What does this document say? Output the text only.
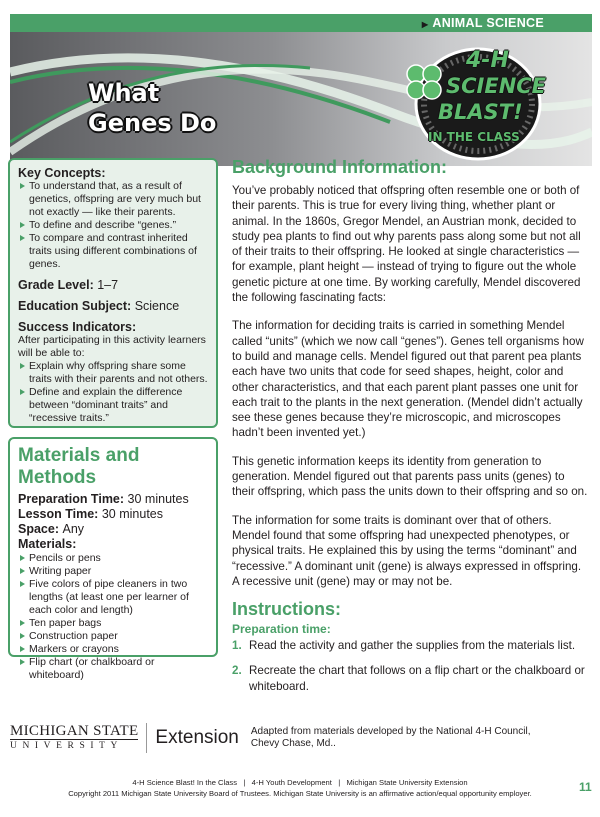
▶ ANIMAL SCIENCE
What
Genes Do
4-H
SCIENCE
BLAST!
IN THE CLASS
Key Concepts:
To understand that, as a result of genetics, offspring are very much but not exactly — like their parents.
To define and describe “genes.”
To compare and contrast inherited traits using different combinations of genes.
Grade Level: 1–7
Education Subject: Science
Success Indicators:
After participating in this activity learners will be able to:
Explain why offspring share some traits with their parents and not others.
Define and explain the difference between “dominant traits” and “recessive traits.”
Materials and Methods
Preparation Time: 30 minutes
Lesson Time: 30 minutes
Space: Any
Materials:
Pencils or pens
Writing paper
Five colors of pipe cleaners in two lengths (at least one per learner of each color and length)
Ten paper bags
Construction paper
Markers or crayons
Flip chart (or chalkboard or whiteboard)
Background Information:

You’ve probably noticed that offspring often resemble one or both of their parents. This is true for every living thing, whether plant or animal. In the 1860s, Gregor Mendel, an Austrian monk, decided to study pea plants to find out why parents pass along some but not all of their traits to their offspring. He looked at single characteristics — for example, plant height — instead of trying to figure out the whole genetic picture at one time. By working carefully, Mendel discovered the following fascinating facts:

The information for deciding traits is carried in something Mendel called “units” (which we now call “genes”). Genes tell organisms how to build and manage cells. Mendel figured out that parent pea plants each have two units that code for seed shapes, height, color and other characteristics, and that each parent plant passes one unit for each trait to the plants in the next generation. (Mendel didn’t actually see these genes because they’re microscopic, and microscopes hadn’t been invented yet.)

This genetic information keeps its identity from generation to generation. Mendel figured out that parents pass units (genes) to their offspring, which pass the units down to their offspring and so on.

The information for some traits is dominant over that of others. Mendel found that some offspring had unexpected phenotypes, or physical traits. He explained this by using the terms “dominant” and “recessive.” A dominant unit (gene) is always expressed in offspring. A recessive unit (gene) may or may not be.

Instructions:
Preparation time:
1. Read the activity and gather the supplies from the materials list.
2. Recreate the chart that follows on a flip chart or the chalkboard or whiteboard.
MICHIGAN STATE
UNIVERSITY	Extension Adapted from materials developed by the National 4-H Council, Chevy Chase, Md..
4-H Science Blast! In the Class   |   4-H Youth Development   |   Michigan State University Extension
Copyright 2011 Michigan State University Board of Trustees. Michigan State University is an affirmative action/equal opportunity employer.	11
